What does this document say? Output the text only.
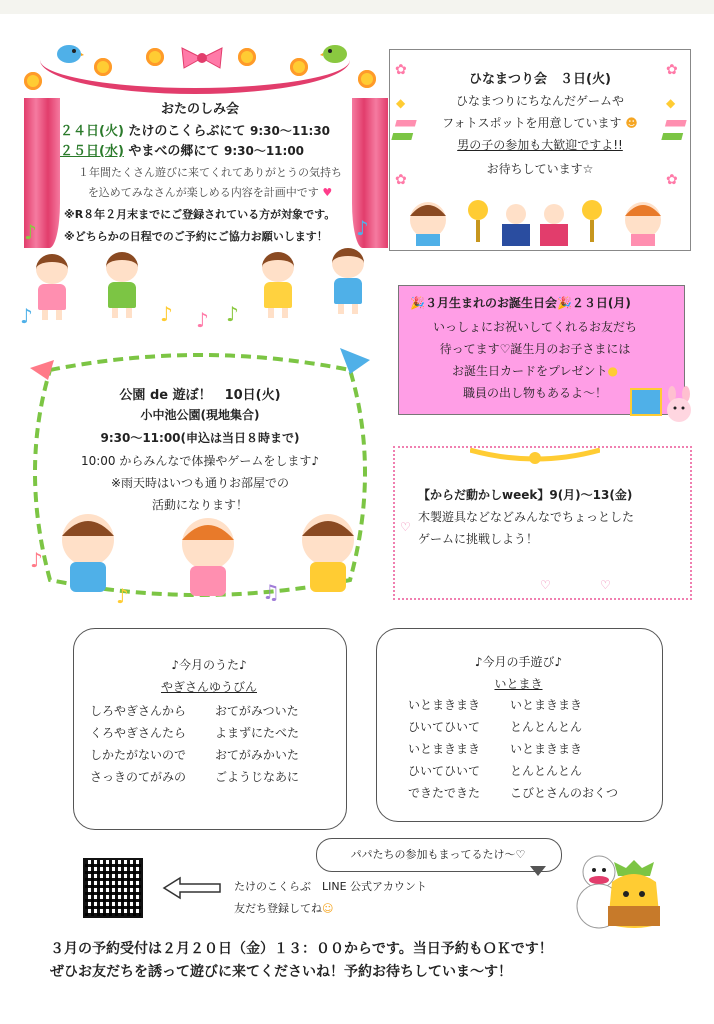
おたのしみ会
２４日(火) たけのこくらぶにて 9:30～11:30
２５日(水) やまべの郷にて 9:30～11:00
１年間たくさん遊びに来てくれてありがとうの気持ち
を込めてみなさんが楽しめる内容を計画中です ♥
※R８年２月末までにご登録されている方が対象です。
※どちらかの日程でのご予約にご協力お願いします！
♪	♪
♪	♪ ♪ ♪
✿	✿
✿	✿
◆	◆
ひなまつり会　３日(火)
ひなまつりにちなんだゲームや
フォトスポットを用意しています ☻
男の子の参加も大歓迎ですよ!!
お待ちしています☆
🎉３月生まれのお誕生日会🎉２３日(月)
いっしょにお祝いしてくれるお友だち
待ってます♡誕生月のお子さまには
お誕生日カードをプレゼント●
職員の出し物もあるよ～！
公園 de 遊ぼ！　10日(火)
小中池公園(現地集合)
9:30～11:00(申込は当日８時まで)
10:00 からみんなで体操やゲームをします♪
※雨天時はいつも通りお部屋での
活動になります！
♪
♪	♫
【からだ動かしweek】9(月)～13(金)
木製遊具などなどみんなでちょっとした
ゲームに挑戦しよう！
♡
♡	♡
♪今月のうた♪
やぎさんゆうびん
しろやぎさんから おてがみついた
くろやぎさんたら よまずにたべた
しかたがないので おてがみかいた
さっきのてがみの ごようじなあに
♪今月の手遊び♪
いとまき
いとまきまき いとまきまき
ひいてひいて とんとんとん
いとまきまき いとまきまき
ひいてひいて とんとんとん
できたできた こびとさんのおくつ
パパたちの参加もまってるたけ～♡
たけのこくらぶ　LINE 公式アカウント
友だち登録してね☺
３月の予約受付は２月２０日（金）１３：００からです。当日予約もＯＫです！
ぜひお友だちを誘って遊びに来てくださいね！予約お待ちしていま～す！
